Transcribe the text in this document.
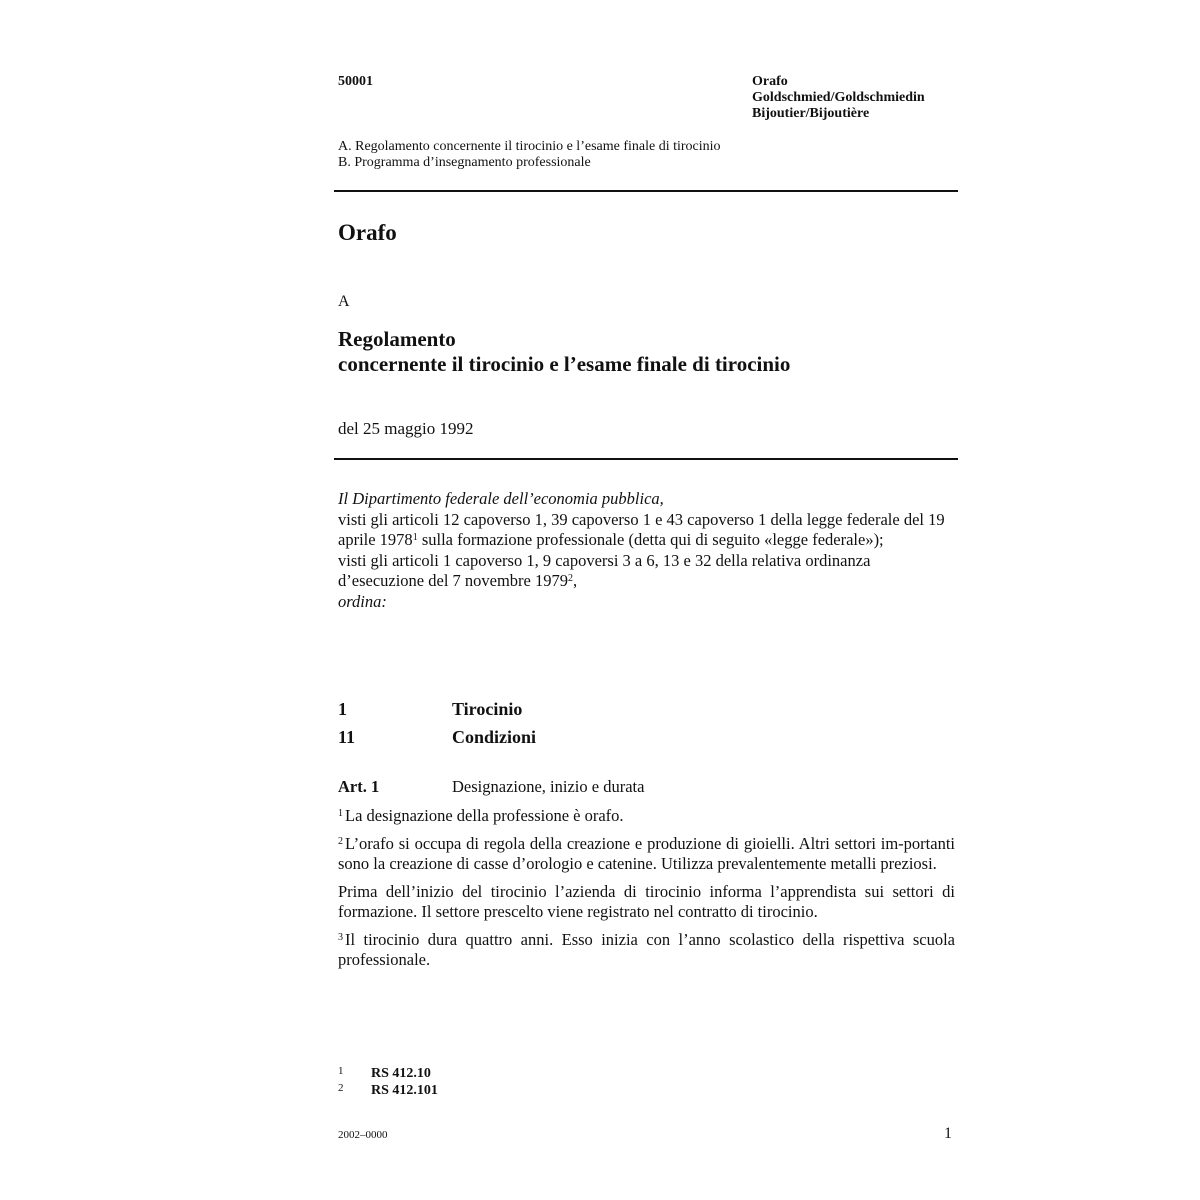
50001	Orafo
Goldschmied/Goldschmiedin
Bijoutier/Bijoutière
A. Regolamento concernente il tirocinio e l’esame finale di tirocinio
B. Programma d’insegnamento professionale
Orafo
A
Regolamento
concernente il tirocinio e l’esame finale di tirocinio
del 25 maggio 1992

Il Dipartimento federale dell’economia pubblica,

visti gli articoli 12 capoverso 1, 39 capoverso 1 e 43 capoverso 1 della legge federale del 19 aprile 1978$^1$ sulla formazione professionale (detta qui di seguito «legge federale»);

visti gli articoli 1 capoverso 1, 9 capoversi 3 a 6, 13 e 32 della relativa ordinanza d’esecuzione del 7 novembre 1979$^2$,

ordina:

1	Tirocinio
11	Condizioni
Art. 1	Designazione, inizio e durata

$^1$ La designazione della professione è orafo.

$^2$ L’orafo si occupa di regola della creazione e produzione di gioielli. Altri settori im-portanti sono la creazione di casse d’orologio e catenine. Utilizza prevalentemente metalli preziosi.

Prima dell’inizio del tirocinio l’azienda di tirocinio informa l’apprendista sui settori di formazione. Il settore prescelto viene registrato nel contratto di tirocinio.

$^3$ Il tirocinio dura quattro anni. Esso inizia con l’anno scolastico della rispettiva scuola professionale.

1 RS 412.10
2 RS 412.101
2002–0000	1
